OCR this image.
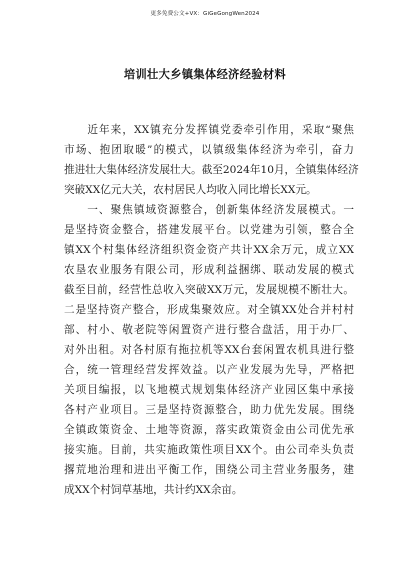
更多免费公文+VX：GiGeGongWen2024
培训壮大乡镇集体经济经验材料
　　近年来，XX镇充分发挥镇党委牵引作用，采取“聚焦
市场、抱团取暖”的模式，以镇级集体经济为牵引，奋力
推进壮大集体经济发展壮大。截至2024年10月，全镇集体经济
突破XX亿元大关，农村居民人均收入同比增长XX元。
　　一、聚焦镇域资源整合，创新集体经济发展模式。一
是坚持资金整合，搭建发展平台。以党建为引领，整合全
镇XX个村集体经济组织资金资产共计XX余万元，成立XX
农垦农业服务有限公司，形成利益捆绑、联动发展的模式
截至目前，经营性总收入突破XX万元，发展规模不断壮大。
二是坚持资产整合，形成集聚效应。对全镇XX处合并村村
部、村小、敬老院等闲置资产进行整合盘活，用于办厂、
对外出租。对各村原有拖拉机等XX台套闲置农机具进行整
合，统一管理经营发挥效益。以产业发展为先导，严格把
关项目编报，以飞地模式规划集体经济产业园区集中承接
各村产业项目。三是坚持资源整合，助力优先发展。围绕
全镇政策资金、土地等资源，落实政策资金由公司优先承
接实施。目前，共实施政策性项目XX个。由公司牵头负责
撂荒地治理和进出平衡工作，围绕公司主营业务服务，建
成XX个村饲草基地，共计约XX余亩。
